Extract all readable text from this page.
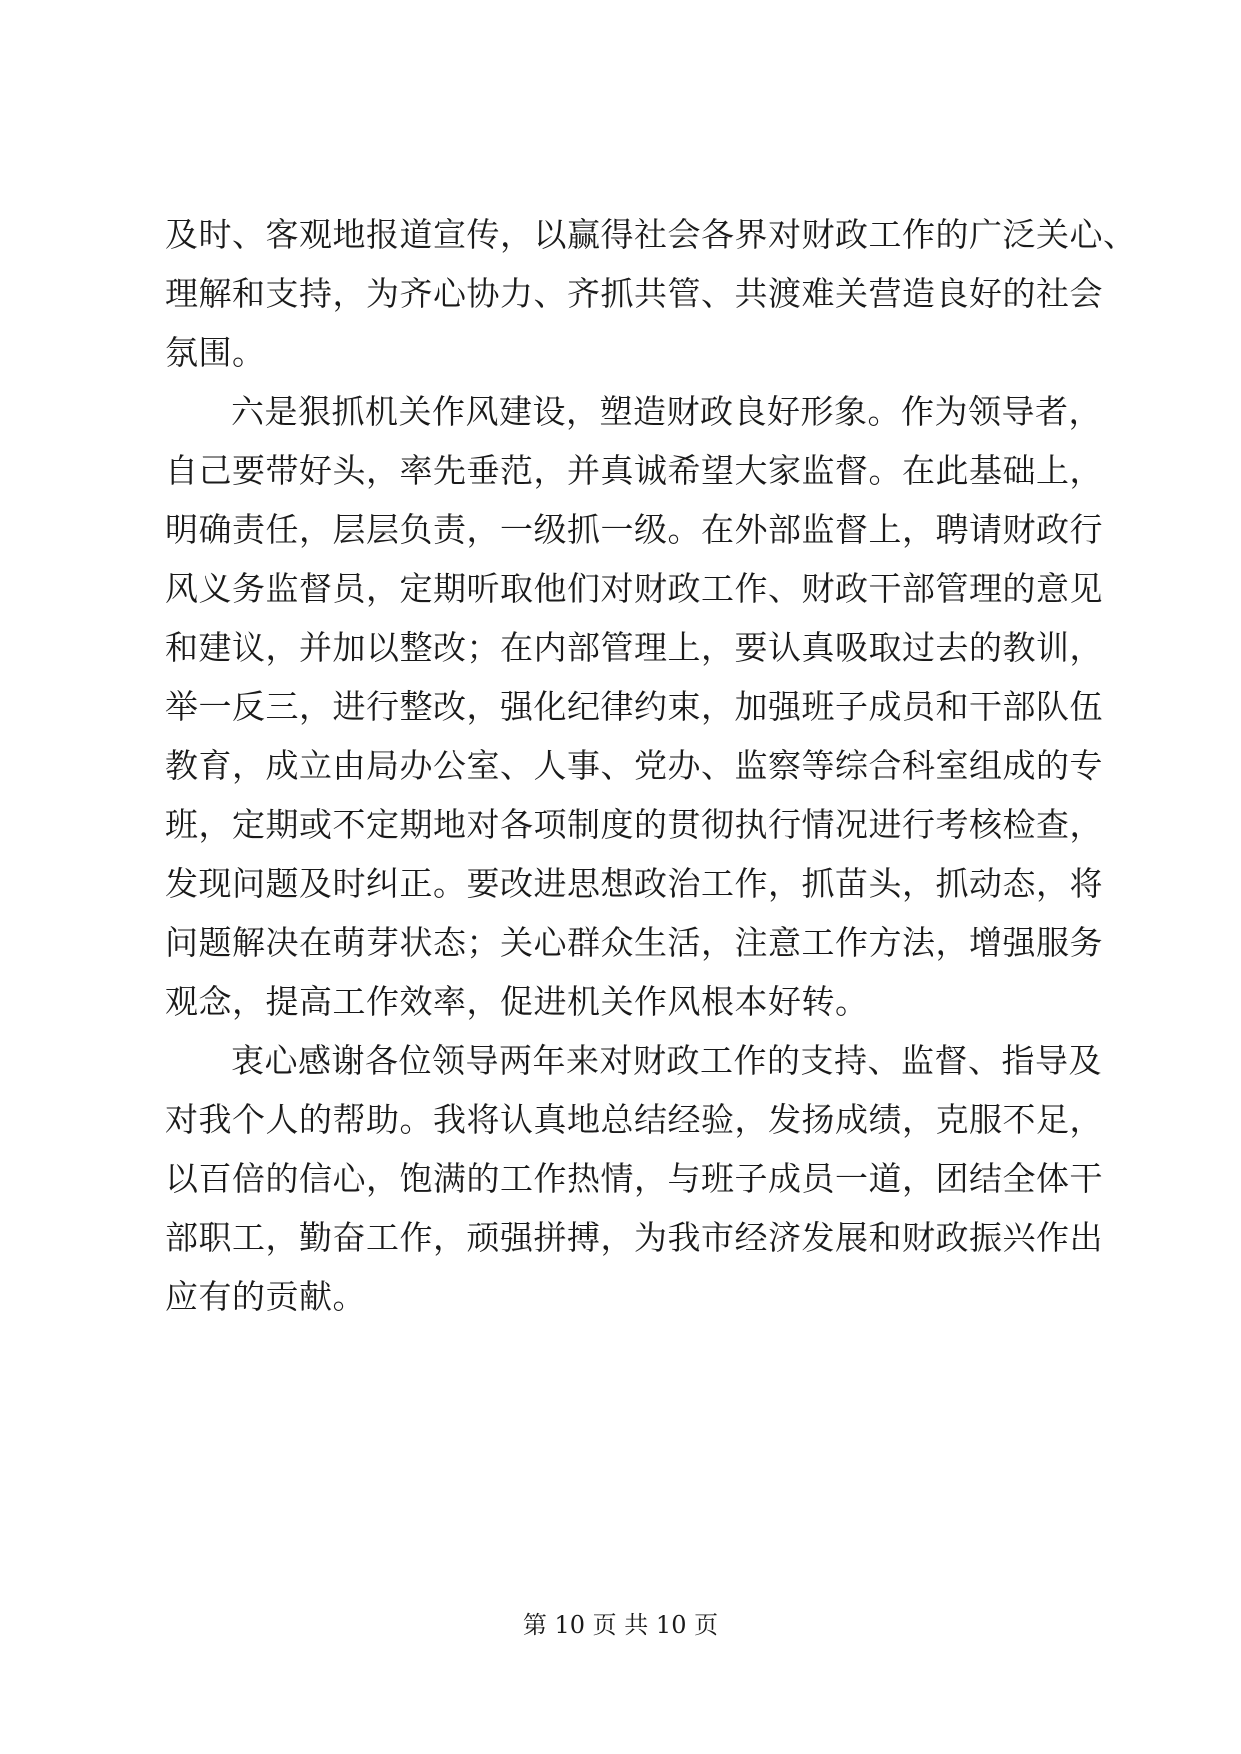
及时、客观地报道宣传，以赢得社会各界对财政工作的广泛关心、
理解和支持，为齐心协力、齐抓共管、共渡难关营造良好的社会
氛围。
六是狠抓机关作风建设，塑造财政良好形象。作为领导者，
自己要带好头，率先垂范，并真诚希望大家监督。在此基础上，
明确责任，层层负责，一级抓一级。在外部监督上，聘请财政行
风义务监督员，定期听取他们对财政工作、财政干部管理的意见
和建议，并加以整改；在内部管理上，要认真吸取过去的教训，
举一反三，进行整改，强化纪律约束，加强班子成员和干部队伍
教育，成立由局办公室、人事、党办、监察等综合科室组成的专
班，定期或不定期地对各项制度的贯彻执行情况进行考核检查，
发现问题及时纠正。要改进思想政治工作，抓苗头，抓动态，将
问题解决在萌芽状态；关心群众生活，注意工作方法，增强服务
观念，提高工作效率，促进机关作风根本好转。
衷心感谢各位领导两年来对财政工作的支持、监督、指导及
对我个人的帮助。我将认真地总结经验，发扬成绩，克服不足，
以百倍的信心，饱满的工作热情，与班子成员一道，团结全体干
部职工，勤奋工作，顽强拼搏，为我市经济发展和财政振兴作出
应有的贡献。
第 10 页 共 10 页
